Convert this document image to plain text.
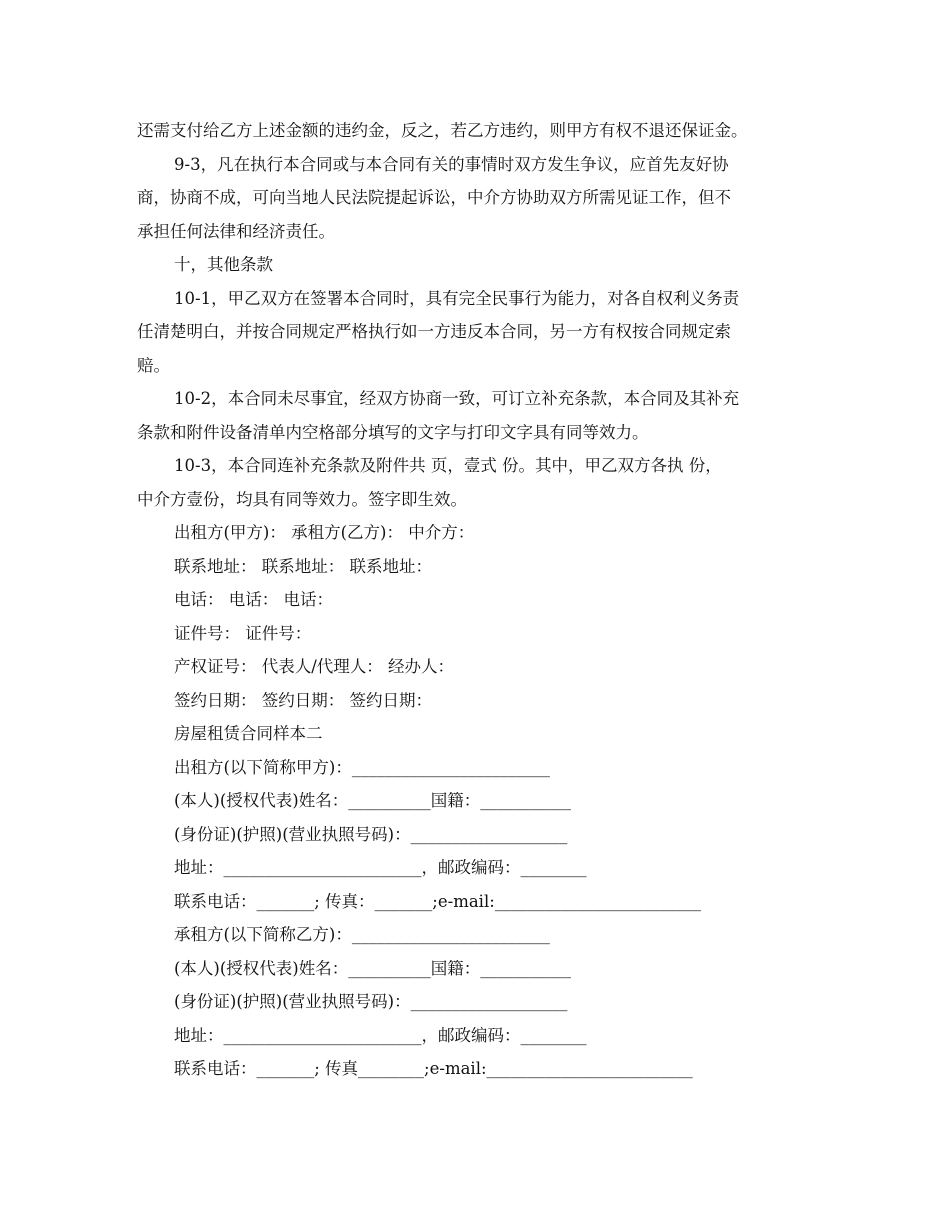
还需支付给乙方上述金额的违约金，反之，若乙方违约，则甲方有权不退还保证金。
9-3，凡在执行本合同或与本合同有关的事情时双方发生争议，应首先友好协
商，协商不成，可向当地人民法院提起诉讼，中介方协助双方所需见证工作，但不
承担任何法律和经济责任。
十，其他条款
10-1，甲乙双方在签署本合同时，具有完全民事行为能力，对各自权利义务责
任清楚明白，并按合同规定严格执行如一方违反本合同，另一方有权按合同规定索
赔。
10-2，本合同未尽事宜，经双方协商一致，可订立补充条款，本合同及其补充
条款和附件设备清单内空格部分填写的文字与打印文字具有同等效力。
10-3，本合同连补充条款及附件共 页，壹式 份。其中，甲乙双方各执 份，
中介方壹份，均具有同等效力。签字即生效。
出租方(甲方)： 承租方(乙方)： 中介方：
联系地址： 联系地址： 联系地址：
电话： 电话： 电话：
证件号： 证件号：
产权证号： 代表人/代理人： 经办人：
签约日期： 签约日期： 签约日期：
房屋租赁合同样本二
出租方(以下简称甲方)：________________________
(本人)(授权代表)姓名：__________国籍：___________
(身份证)(护照)(营业执照号码)：___________________
地址：________________________，邮政编码：________
联系电话：_______; 传真：_______;e-mail:_________________________
承租方(以下简称乙方)：________________________
(本人)(授权代表)姓名：__________国籍：___________
(身份证)(护照)(营业执照号码)：___________________
地址：________________________，邮政编码：________
联系电话：_______; 传真________;e-mail:_________________________
